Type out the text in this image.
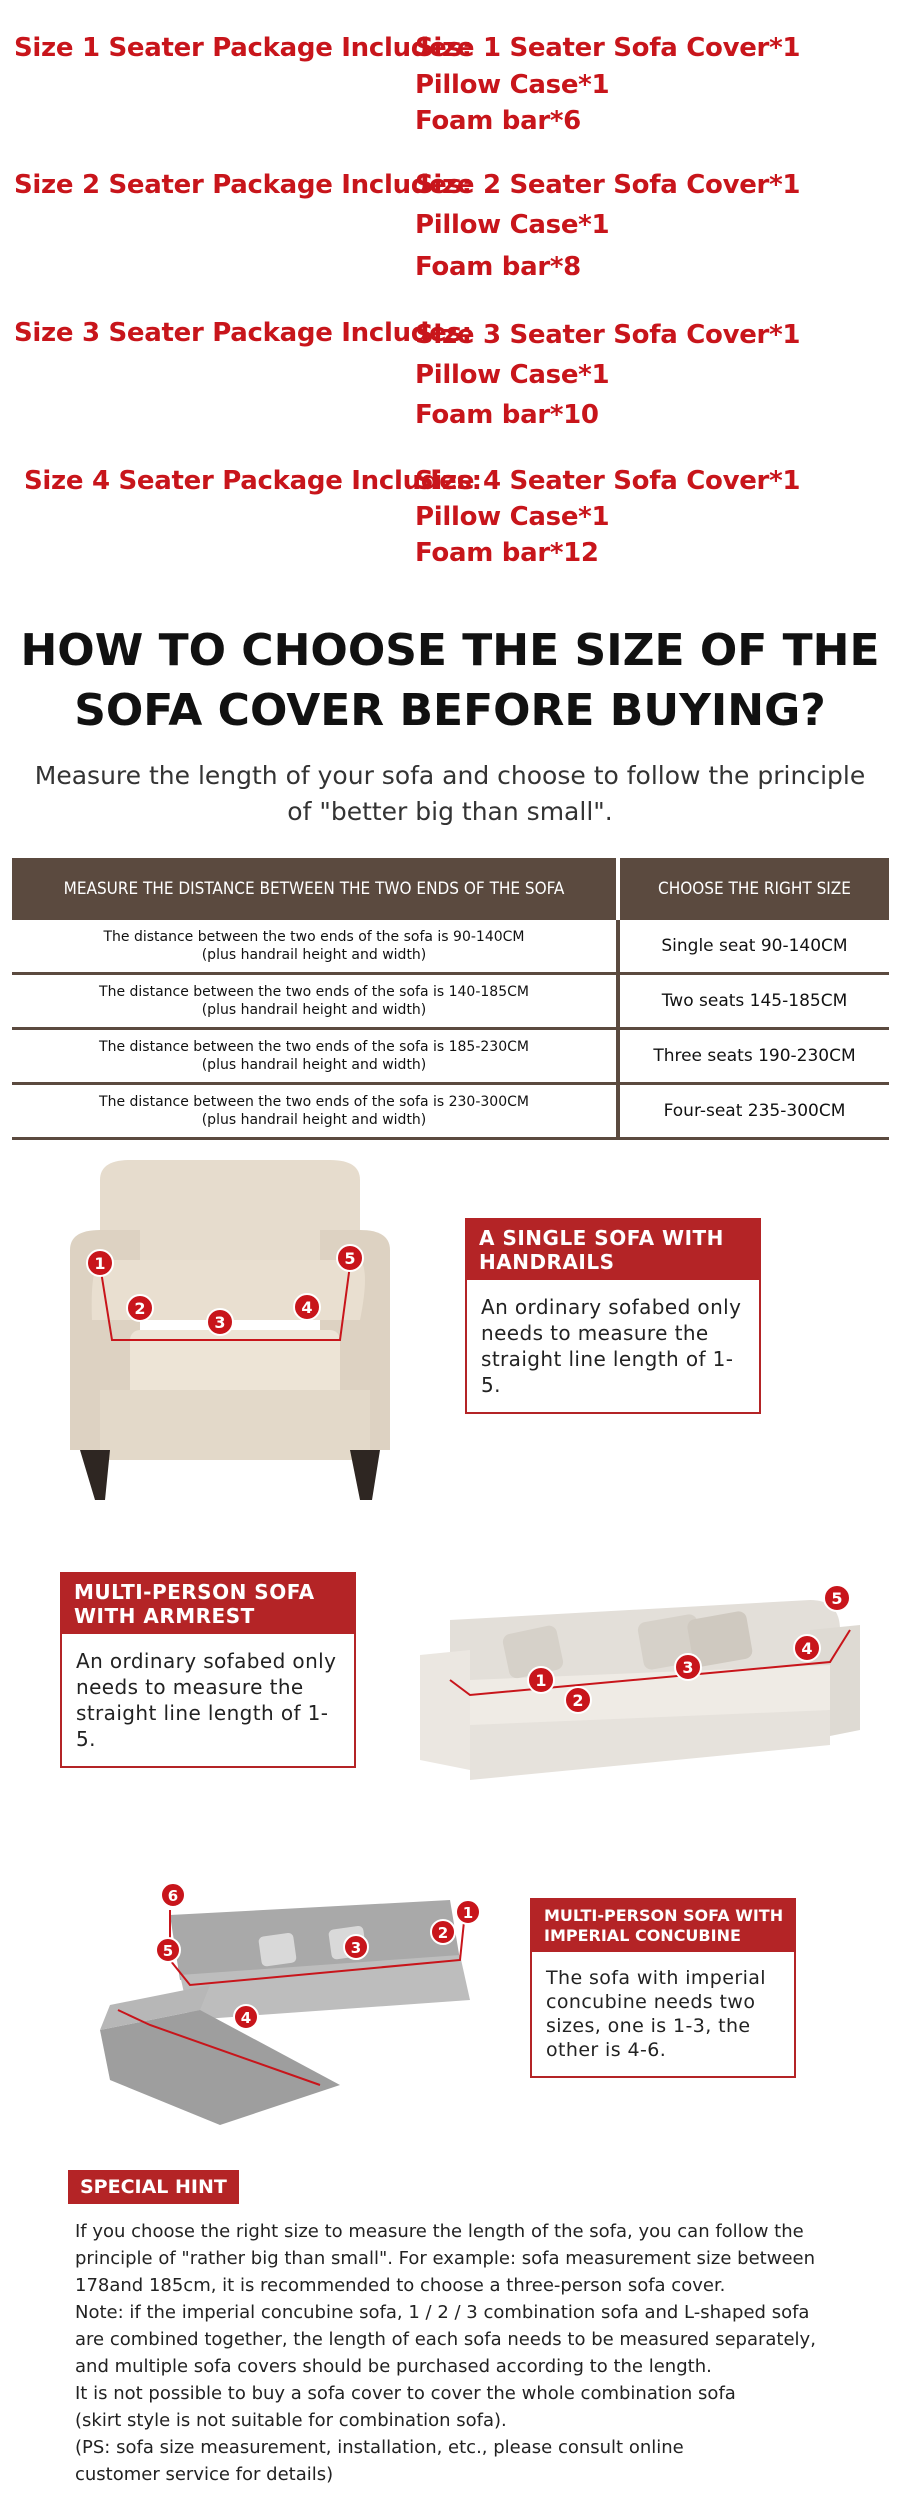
Size 1 Seater Package Includes:
Size 1 Seater Sofa Cover*1
Pillow Case*1
Foam bar*6
Size 2 Seater Package Includes:
Size 2 Seater Sofa Cover*1
Pillow Case*1
Foam bar*8
Size 3 Seater Package Includes:
Size 3 Seater Sofa Cover*1
Pillow Case*1
Foam bar*10
Size 4 Seater Package Includes:
Size 4 Seater Sofa Cover*1
Pillow Case*1
Foam bar*12
HOW TO CHOOSE THE SIZE OF THE
SOFA COVER BEFORE BUYING?
Measure the length of your sofa and choose to follow the principle
of "better big than small".
MEASURE THE DISTANCE BETWEEN THE TWO ENDS OF THE SOFA	CHOOSE THE RIGHT SIZE

The distance between the two ends of the sofa is 90-140CM
(plus handrail height and width)	Single seat 90-140CM

The distance between the two ends of the sofa is 140-185CM
(plus handrail height and width)	Two seats 145-185CM

The distance between the two ends of the sofa is 185-230CM
(plus handrail height and width)	Three seats 190-230CM

The distance between the two ends of the sofa is 230-300CM
(plus handrail height and width)	Four-seat 235-300CM
1
2
3
4
5
A SINGLE SOFA WITH HANDRAILS
An ordinary sofabed only needs to measure the straight line length of 1-5.
MULTI-PERSON SOFA WITH ARMREST
An ordinary sofabed only needs to measure the straight line length of 1-5.
1
2
3
4
5
1
2
3
4
5
6
MULTI-PERSON SOFA WITH IMPERIAL CONCUBINE
The sofa with imperial concubine needs two sizes, one is 1-3, the other is 4-6.
SPECIAL HINT
If you choose the right size to measure the length of the sofa, you can follow the
principle of "rather big than small". For example: sofa measurement size between
178and 185cm, it is recommended to choose a three-person sofa cover.
Note: if the imperial concubine sofa, 1 / 2 / 3 combination sofa and L-shaped sofa
are combined together, the length of each sofa needs to be measured separately,
and multiple sofa covers should be purchased according to the length.
It is not possible to buy a sofa cover to cover the whole combination sofa
(skirt style is not suitable for combination sofa).
(PS: sofa size measurement, installation, etc., please consult online
customer service for details)
